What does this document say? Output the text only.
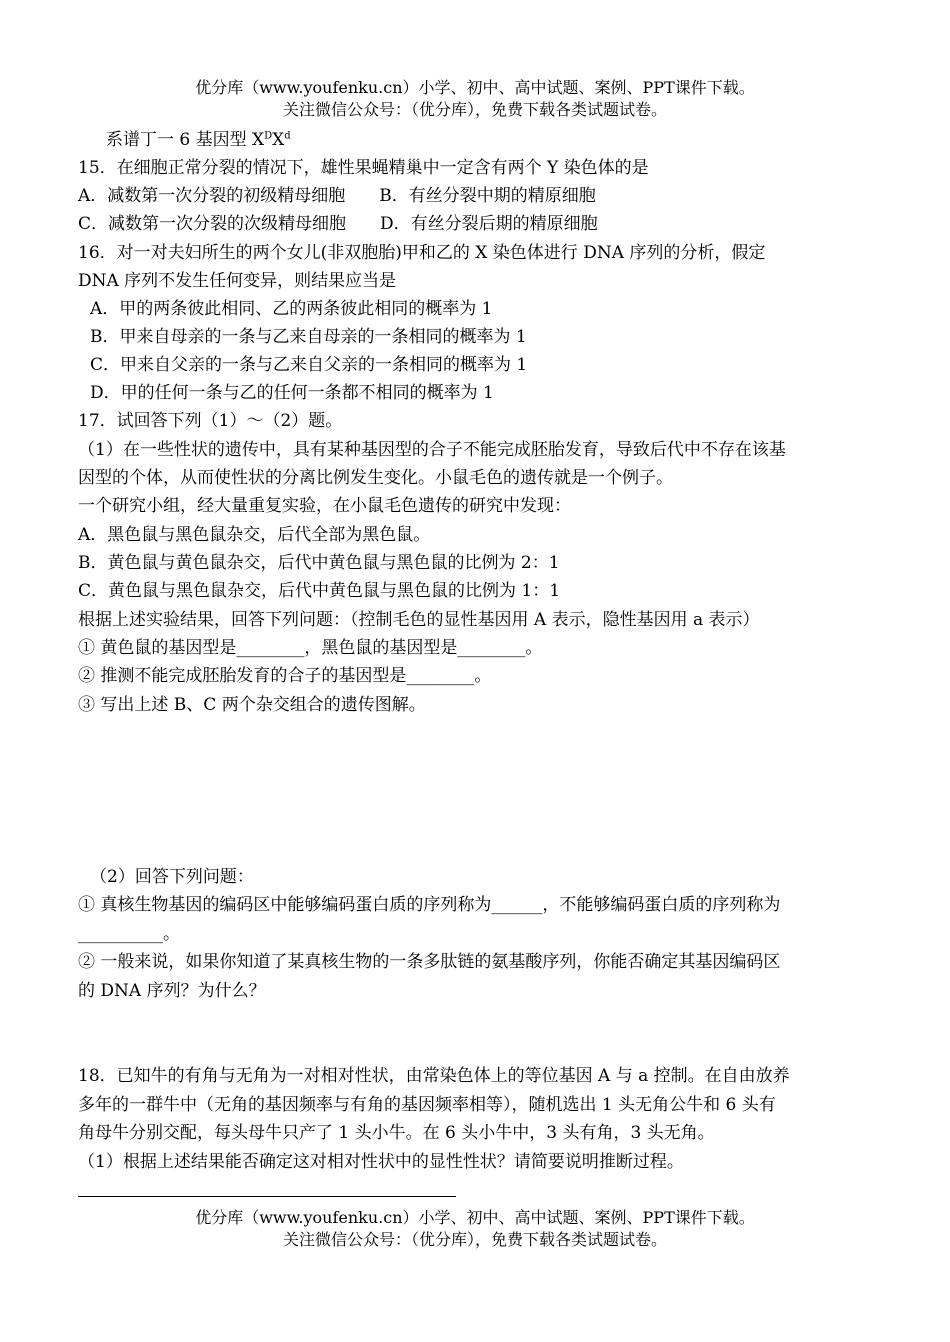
优分库（www.youfenku.cn）小学、初中、高中试题、案例、PPT课件下载。
关注微信公众号：（优分库），免费下载各类试题试卷。
系谱丁一 6 基因型 $X^DX^d$
15．在细胞正常分裂的情况下，雄性果蝇精巢中一定含有两个 Y 染色体的是
A．减数第一次分裂的初级精母细胞　　B．有丝分裂中期的精原细胞
C．减数第一次分裂的次级精母细胞　　D．有丝分裂后期的精原细胞
16．对一对夫妇所生的两个女儿(非双胞胎)甲和乙的 X 染色体进行 DNA 序列的分析，假定
DNA 序列不发生任何变异，则结果应当是
A．甲的两条彼此相同、乙的两条彼此相同的概率为 1
B．甲来自母亲的一条与乙来自母亲的一条相同的概率为 1
C．甲来自父亲的一条与乙来自父亲的一条相同的概率为 1
D．甲的任何一条与乙的任何一条都不相同的概率为 1
17．试回答下列（1）～（2）题。
（1）在一些性状的遗传中，具有某种基因型的合子不能完成胚胎发育，导致后代中不存在该基
因型的个体，从而使性状的分离比例发生变化。小鼠毛色的遗传就是一个例子。
一个研究小组，经大量重复实验，在小鼠毛色遗传的研究中发现：
A．黑色鼠与黑色鼠杂交，后代全部为黑色鼠。
B．黄色鼠与黄色鼠杂交，后代中黄色鼠与黑色鼠的比例为 2：1
C．黄色鼠与黑色鼠杂交，后代中黄色鼠与黑色鼠的比例为 1：1
根据上述实验结果，回答下列问题：（控制毛色的显性基因用 A 表示，隐性基因用 a 表示）
① 黄色鼠的基因型是________，黑色鼠的基因型是________。
② 推测不能完成胚胎发育的合子的基因型是________。
③ 写出上述 B、C 两个杂交组合的遗传图解。
（2）回答下列问题：
① 真核生物基因的编码区中能够编码蛋白质的序列称为______，不能够编码蛋白质的序列称为
__________。
② 一般来说，如果你知道了某真核生物的一条多肽链的氨基酸序列，你能否确定其基因编码区
的 DNA 序列？为什么？
18．已知牛的有角与无角为一对相对性状，由常染色体上的等位基因 A 与 a 控制。在自由放养
多年的一群牛中（无角的基因频率与有角的基因频率相等），随机选出 1 头无角公牛和 6 头有
角母牛分别交配，每头母牛只产了 1 头小牛。在 6 头小牛中，3 头有角，3 头无角。
（1）根据上述结果能否确定这对相对性状中的显性性状？请简要说明推断过程。
优分库（www.youfenku.cn）小学、初中、高中试题、案例、PPT课件下载。
关注微信公众号：（优分库），免费下载各类试题试卷。
